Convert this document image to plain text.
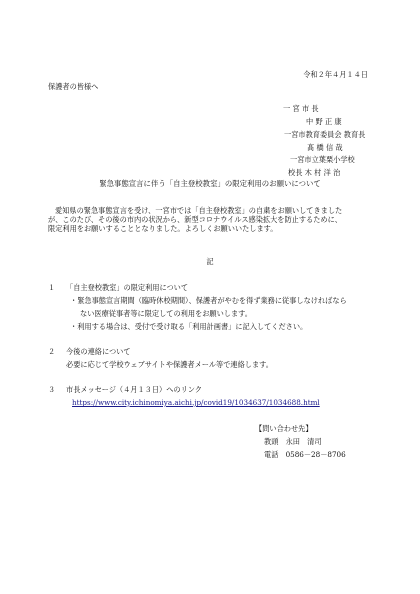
令和２年４月１４日
保護者の皆様へ
一 宮 市 長
中 野 正 康
一宮市教育委員会 教育長
髙 橋 信 哉
一宮市立葉栗小学校
校長 木 村 洋 治
緊急事態宣言に伴う「自主登校教室」の限定利用のお願いについて
愛知県の緊急事態宣言を受け、一宮市では「自主登校教室」の自粛をお願いしてきました
が、このたび、その後の市内の状況から、新型コロナウイルス感染拡大を防止するために、
限定利用をお願いすることとなりました。よろしくお願いいたします。
記
１ 「自主登校教室」の限定利用について
・緊急事態宣言期間（臨時休校期間）、保護者がやむを得ず業務に従事しなければなら
ない医療従事者等に限定しての利用をお願いします。
・利用する場合は、受付で受け取る「利用計画書」に記入してください。
２ 今後の連絡について
必要に応じて学校ウェブサイトや保護者メール等で連絡します。
３ 市長メッセージ（４月１３日）へのリンク
https://www.city.ichinomiya.aichi.jp/covid19/1034637/1034688.html
【問い合わせ先】
教頭　永田　清司
電話　0586－28－8706
